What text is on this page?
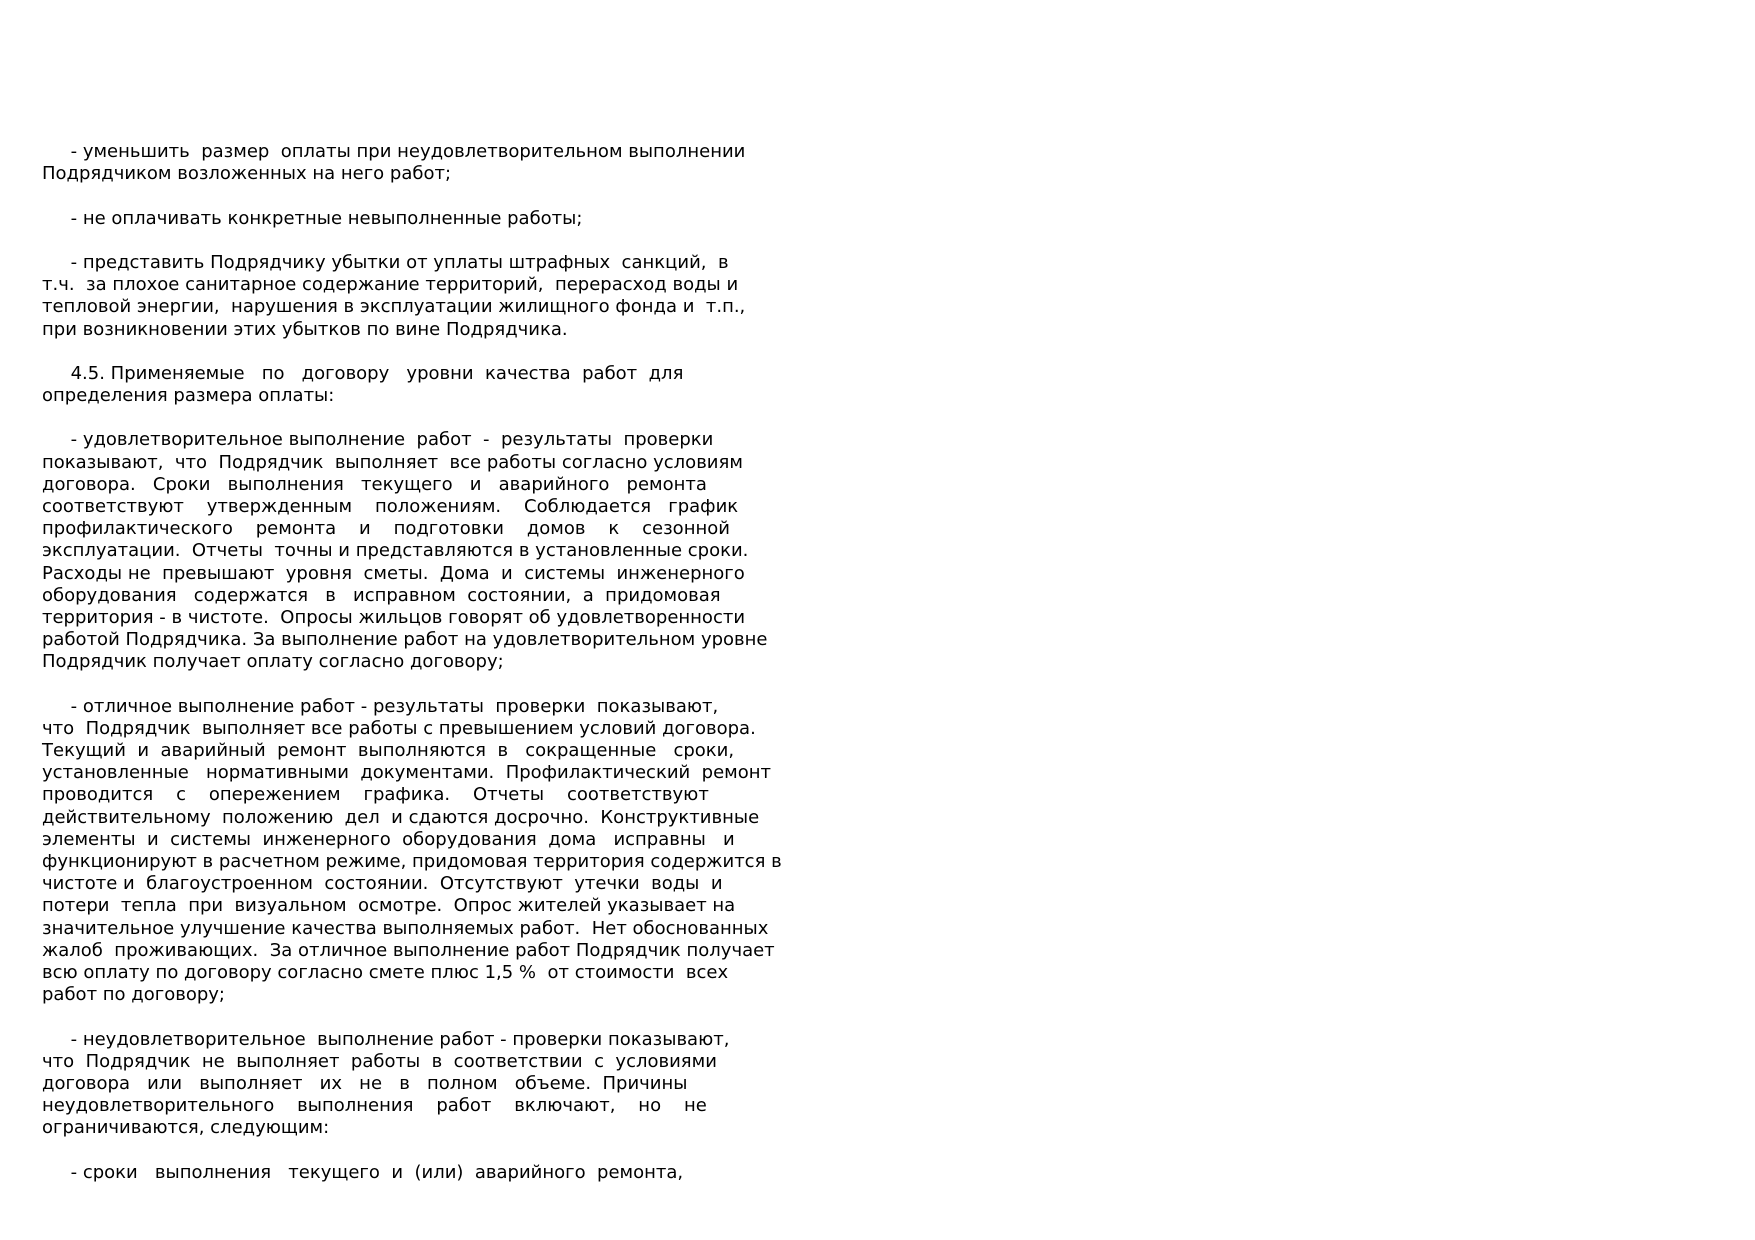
- уменьшить  размер  оплаты при неудовлетворительном выполнении
Подрядчиком возложенных на него работ;
- не оплачивать конкретные невыполненные работы;
- представить Подрядчику убытки от уплаты штрафных  санкций,  в
т.ч.  за плохое санитарное содержание территорий,  перерасход воды и
тепловой энергии,  нарушения в эксплуатации жилищного фонда и  т.п.,
при возникновении этих убытков по вине Подрядчика.
4.5. Применяемые   по   договору   уровни  качества  работ  для
определения размера оплаты:
- удовлетворительное выполнение  работ  -  результаты  проверки
показывают,  что  Подрядчик  выполняет  все работы согласно условиям
договора.   Сроки   выполнения   текущего   и   аварийного   ремонта
соответствуют    утвержденным    положениям.    Соблюдается   график
профилактического    ремонта    и    подготовки    домов    к    сезонной
эксплуатации.  Отчеты  точны и представляются в установленные сроки.
Расходы не  превышают  уровня  сметы.  Дома  и  системы  инженерного
оборудования   содержатся   в   исправном  состоянии,  а  придомовая
территория - в чистоте.  Опросы жильцов говорят об удовлетворенности
работой Подрядчика. За выполнение работ на удовлетворительном уровне
Подрядчик получает оплату согласно договору;
- отличное выполнение работ - результаты  проверки  показывают,
что  Подрядчик  выполняет все работы с превышением условий договора.
Текущий  и  аварийный  ремонт  выполняются  в   сокращенные   сроки,
установленные   нормативными  документами.  Профилактический  ремонт
проводится    с    опережением    графика.    Отчеты    соответствуют
действительному  положению  дел  и сдаются досрочно.  Конструктивные
элементы  и  системы  инженерного  оборудования  дома   исправны   и
функционируют в расчетном режиме, придомовая территория содержится в
чистоте и  благоустроенном  состоянии.  Отсутствуют  утечки  воды  и
потери  тепла  при  визуальном  осмотре.  Опрос жителей указывает на
значительное улучшение качества выполняемых работ.  Нет обоснованных
жалоб  проживающих.  За отличное выполнение работ Подрядчик получает
всю оплату по договору согласно смете плюс 1,5 %  от стоимости  всех
работ по договору;
- неудовлетворительное  выполнение работ - проверки показывают,
что  Подрядчик  не  выполняет  работы  в  соответствии  с  условиями
договора   или   выполняет   их   не   в   полном   объеме.  Причины
неудовлетворительного    выполнения    работ    включают,    но    не
ограничиваются, следующим:
- сроки   выполнения   текущего  и  (или)  аварийного  ремонта,
